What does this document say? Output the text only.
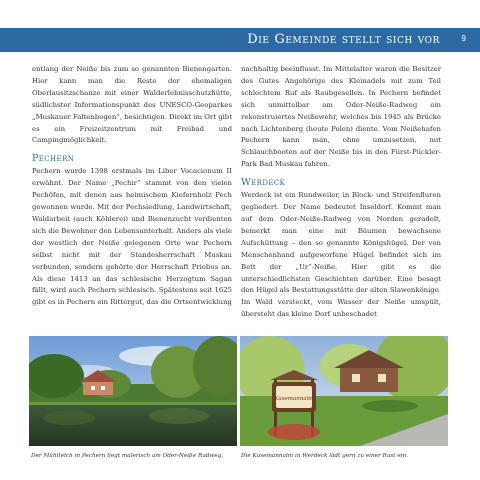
Die Gemeinde stellt sich vor	9

entlang der Neiße bis zum so genannten Bienengarten. Hier kann man die Reste der ehemaligen Oberlausitzschanze mit einer Walderlebnisschutzhütte, südlichster Informationspunkt des UNESCO-Geoparkes „Muskauer Faltenbogen“, besichtigen. Direkt im Ort gibt es ein Freizeitzentrum mit Freibad und Campingmöglichkeit.

Pechern

Pechern wurde 1398 erstmals im Liber Vocacionum II erwähnt. Der Name „Pechir“ stammt von den vielen Pechöfen, mit denen aus heimischem Kiefernholz Pech gewonnen wurde. Mit der Pechsiedlung, Landwirtschaft, Waldarbeit (auch Köhlerei) und Bienenzucht verdienten sich die Bewohner den Lebensunterhalt. Anders als viele der westlich der Neiße gelegenen Orte war Pechern selbst nicht mit der Standesherrschaft Muskau verbunden, sondern gehörte der Herrschaft Priebus an. Als diese 1413 an das schlesische Herzogtum Sagan fällt, wird auch Pechern schlesisch. Spätestens seit 1625 gibt es in Pechern ein Rittergut, das die Ortsentwicklung

nachhaltig beeinflusst. Im Mittelalter waren die Besitzer des Gutes Angehörige des Kleinadels mit zum Teil schlechtem Ruf als Raubgesellen. In Pechern befindet sich unmittelbar am Oder-Neiße-Radweg ein rekonstruiertes Neißewehr, welches bis 1945 als Brücke nach Lichtenberg (heute Polen) diente. Vom Neißehafen Pechern kann man, ohne umzusetzen, mit Schlauchbooten auf der Neiße bis in den Fürst-Pückler-Park Bad Muskau fahren.

Werdeck

Werdeck ist ein Rundweiler, in Block- und Streifenfluren gegliedert. Der Name bedeutet Inseldorf. Kommt man auf dem Oder-Neiße-Radweg von Norden geradelt, bemerkt man eine mit Bäumen bewachsene Aufschüttung – den so genannte Königshügel. Der von Menschenhand aufgeworfene Hügel befindet sich im Bett der „Ur“-Neiße. Hier gibt es die unterschiedlichsten Geschichten darüber. Eine besagt den Hügel als Bestattungsstätte der alten Slawenkönige. Im Wald versteckt, vom Wasser der Neiße umspült, übersteht das kleine Dorf unbeschadet

Kasemannalm
Der Mühlteich in Pechern liegt malerisch am Oder-Neiße Radweg.	Die Kasemannalm in Werdeck lädt gern zu einer Rast ein.
